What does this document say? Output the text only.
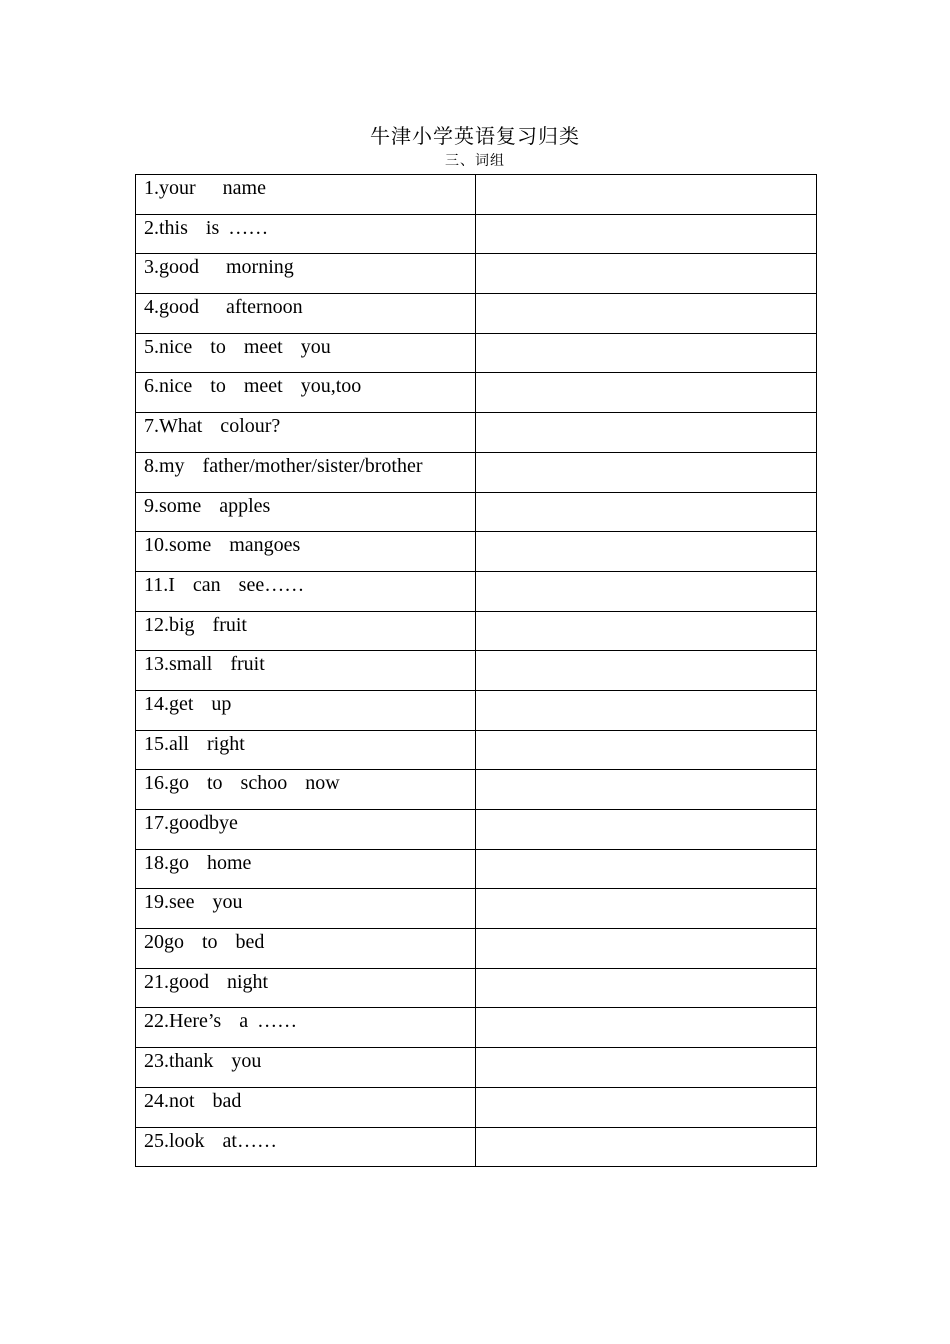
牛津小学英语复习归类
三、词组
1.your   name	
2.this  is ……	
3.good   morning	
4.good   afternoon	
5.nice  to  meet  you	
6.nice  to  meet  you,too	
7.What  colour?	
8.my  father/mother/sister/brother	
9.some  apples	
10.some  mangoes	
11.I  can  see……	
12.big  fruit	
13.small  fruit	
14.get  up	
15.all  right	
16.go  to  schoo  now	
17.goodbye	
18.go  home	
19.see  you	
20go  to  bed	
21.good  night	
22.Here’s  a ……	
23.thank  you	
24.not  bad	
25.look  at……	
